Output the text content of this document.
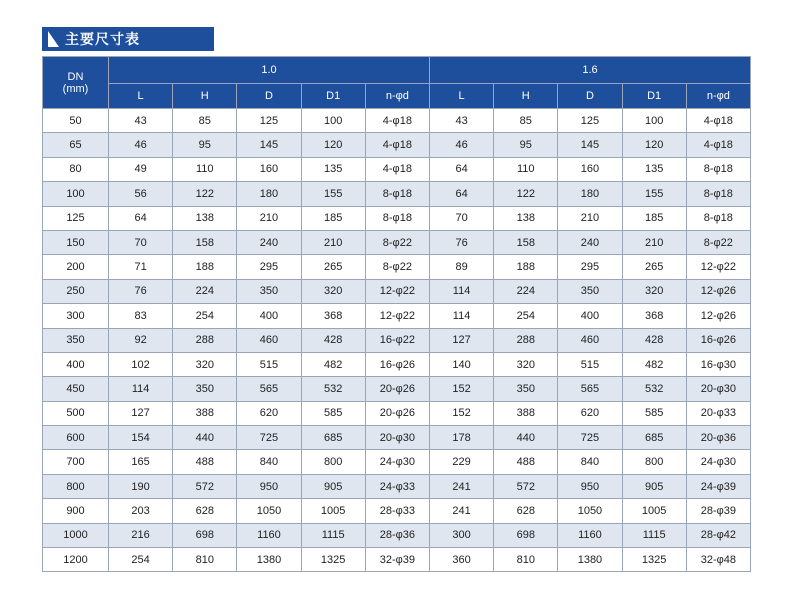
主要尺寸表
DN
(mm)	1.0					1.6				
	L	H	D	D1	n-φd	L	H	D	D1	n-φd
50	43	85	125	100	4-φ18	43	85	125	100	4-φ18
65	46	95	145	120	4-φ18	46	95	145	120	4-φ18
80	49	110	160	135	4-φ18	64	110	160	135	8-φ18
100	56	122	180	155	8-φ18	64	122	180	155	8-φ18
125	64	138	210	185	8-φ18	70	138	210	185	8-φ18
150	70	158	240	210	8-φ22	76	158	240	210	8-φ22
200	71	188	295	265	8-φ22	89	188	295	265	12-φ22
250	76	224	350	320	12-φ22	114	224	350	320	12-φ26
300	83	254	400	368	12-φ22	114	254	400	368	12-φ26
350	92	288	460	428	16-φ22	127	288	460	428	16-φ26
400	102	320	515	482	16-φ26	140	320	515	482	16-φ30
450	114	350	565	532	20-φ26	152	350	565	532	20-φ30
500	127	388	620	585	20-φ26	152	388	620	585	20-φ33
600	154	440	725	685	20-φ30	178	440	725	685	20-φ36
700	165	488	840	800	24-φ30	229	488	840	800	24-φ30
800	190	572	950	905	24-φ33	241	572	950	905	24-φ39
900	203	628	1050	1005	28-φ33	241	628	1050	1005	28-φ39
1000	216	698	1160	1115	28-φ36	300	698	1160	1115	28-φ42
1200	254	810	1380	1325	32-φ39	360	810	1380	1325	32-φ48
